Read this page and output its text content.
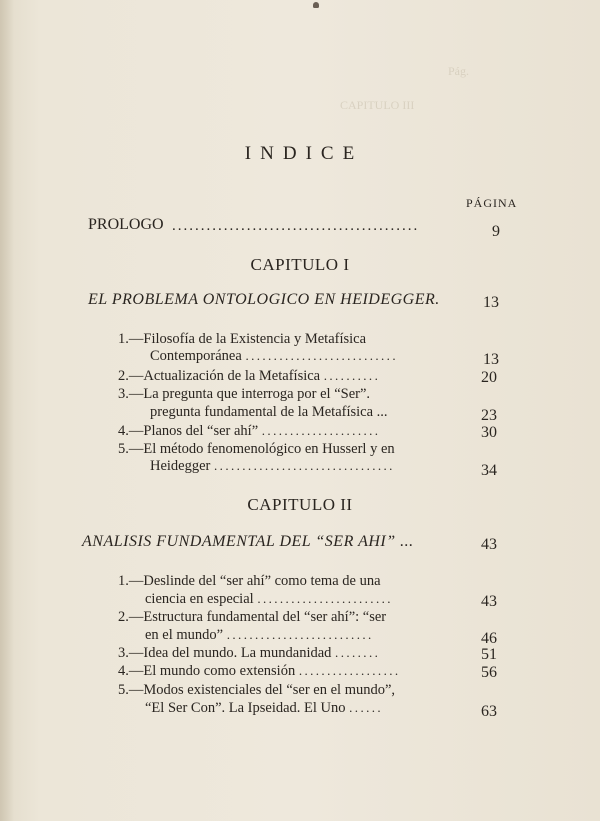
Pág.
CAPITULO III
INDICE
PÁGINA
PROLOGO ...........................................	9
CAPITULO I
EL PROBLEMA ONTOLOGICO EN HEIDEGGER.	13
1.—Filosofía de la Existencia y Metafísica
Contemporánea ...........................	13
2.—Actualización de la Metafísica ..........	20
3.—La pregunta que interroga por el “Ser”.
pregunta fundamental de la Metafísica ...	23
4.—Planos del “ser ahí” .....................	30
5.—El método fenomenológico en Husserl y en
Heidegger ................................	34
CAPITULO II
ANALISIS FUNDAMENTAL DEL “SER AHI” ...	43
1.—Deslinde del “ser ahí” como tema de una
ciencia en especial ........................	43
2.—Estructura fundamental del “ser ahí”: “ser
en el mundo” ..........................	46
3.—Idea del mundo. La mundanidad ........	51
4.—El mundo como extensión ..................	56
5.—Modos existenciales del “ser en el mundo”,
“El Ser Con”. La Ipseidad. El Uno ......	63
